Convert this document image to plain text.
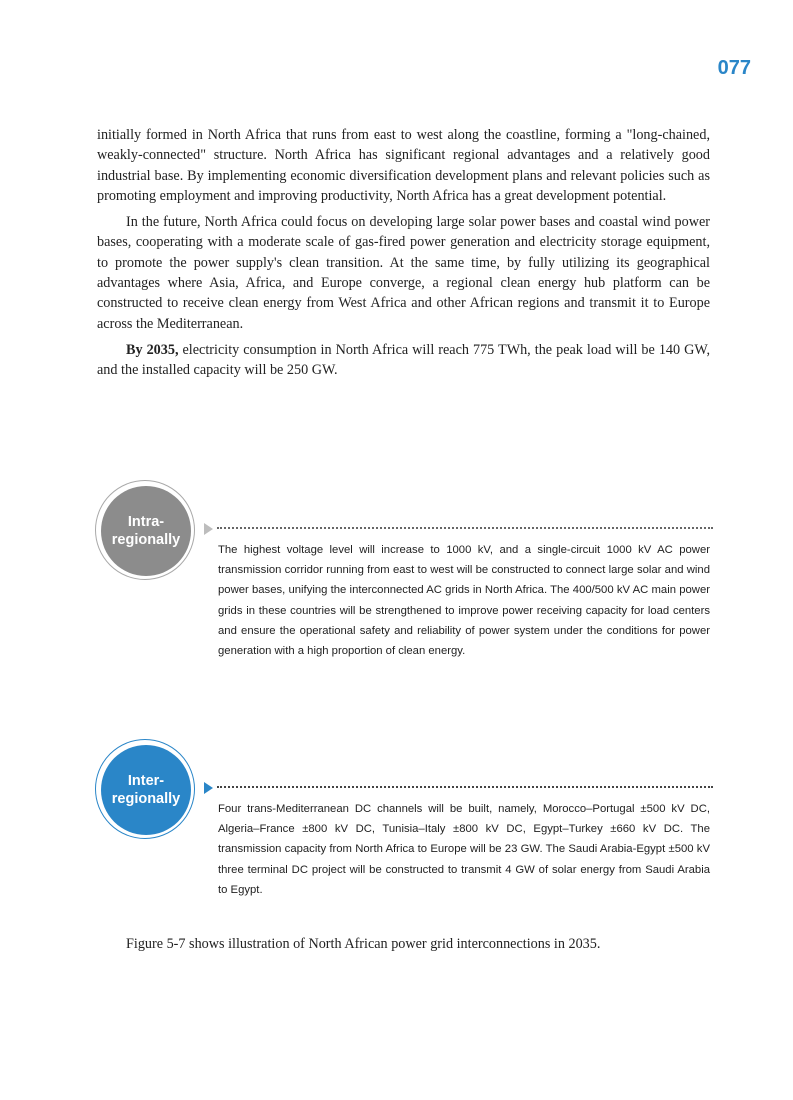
077

initially formed in North Africa that runs from east to west along the coastline, forming a "long-chained, weakly-connected" structure. North Africa has significant regional advantages and a relatively good industrial base. By implementing economic diversification development plans and relevant policies such as promoting employment and improving productivity, North Africa has a great development potential.

In the future, North Africa could focus on developing large solar power bases and coastal wind power bases, cooperating with a moderate scale of gas-fired power generation and electricity storage equipment, to promote the power supply's clean transition. At the same time, by fully utilizing its geographical advantages where Asia, Africa, and Europe converge, a regional clean energy hub platform can be constructed to receive clean energy from West Africa and other African regions and transmit it to Europe across the Mediterranean.

By 2035, electricity consumption in North Africa will reach 775 TWh, the peak load will be 140 GW, and the installed capacity will be 250 GW.

Intra-
regionally

The highest voltage level will increase to 1000 kV, and a single-circuit 1000 kV AC power transmission corridor running from east to west will be constructed to connect large solar and wind power bases, unifying the interconnected AC grids in North Africa. The 400/500 kV AC main power grids in these countries will be strengthened to improve power receiving capacity for load centers and ensure the operational safety and reliability of power system under the conditions for power generation with a high proportion of clean energy.

Inter-
regionally

Four trans-Mediterranean DC channels will be built, namely, Morocco–Portugal ±500 kV DC, Algeria–France ±800 kV DC, Tunisia–Italy ±800 kV DC, Egypt–Turkey ±660 kV DC. The transmission capacity from North Africa to Europe will be 23 GW. The Saudi Arabia-Egypt ±500 kV three terminal DC project will be constructed to transmit 4 GW of solar energy from Saudi Arabia to Egypt.

Figure 5-7 shows illustration of North African power grid interconnections in 2035.
